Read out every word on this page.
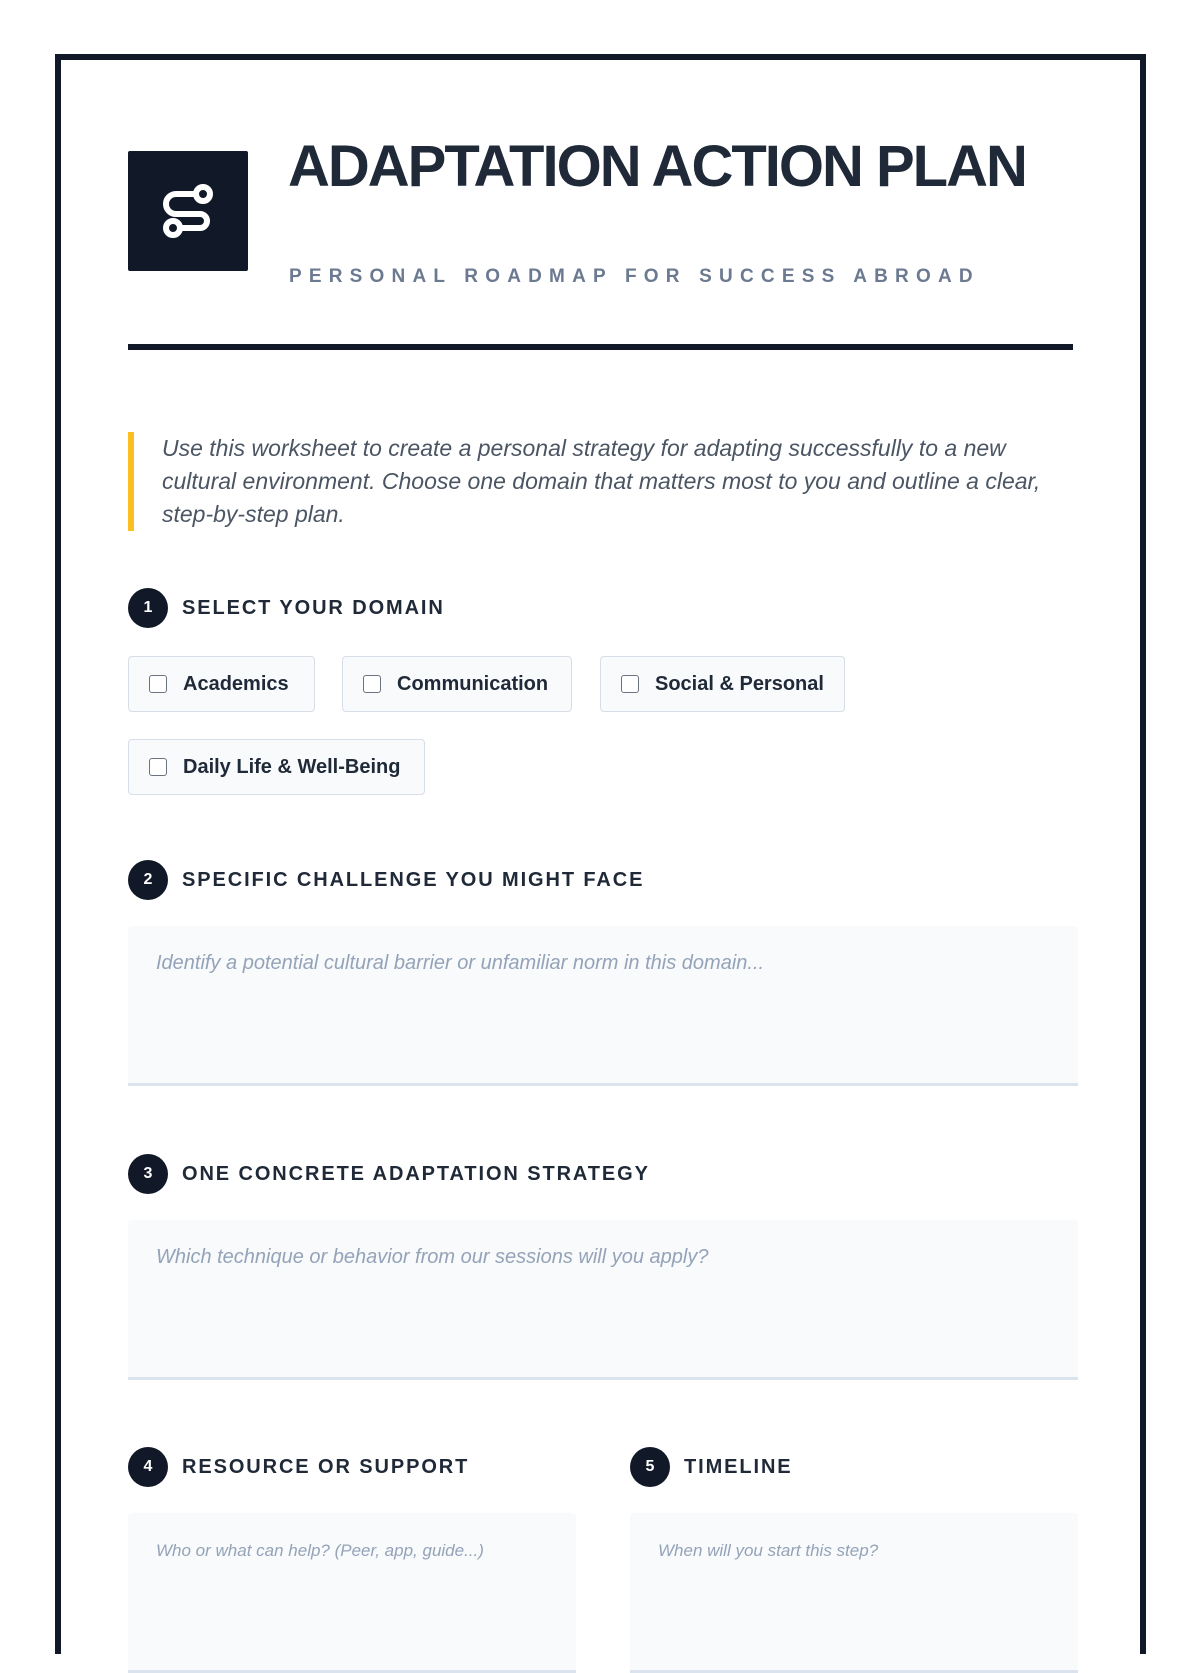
ADAPTATION ACTION PLAN
PERSONAL ROADMAP FOR SUCCESS ABROAD
Use this worksheet to create a personal strategy for adapting successfully to a new cultural environment. Choose one domain that matters most to you and outline a clear, step-by-step plan.
1	SELECT YOUR DOMAIN
Academics	Communication	Social & Personal
Daily Life & Well-Being
2	SPECIFIC CHALLENGE YOU MIGHT FACE
Identify a potential cultural barrier or unfamiliar norm in this domain...
3	ONE CONCRETE ADAPTATION STRATEGY
Which technique or behavior from our sessions will you apply?
4	RESOURCE OR SUPPORT
Who or what can help? (Peer, app, guide...)	5	TIMELINE
When will you start this step?
